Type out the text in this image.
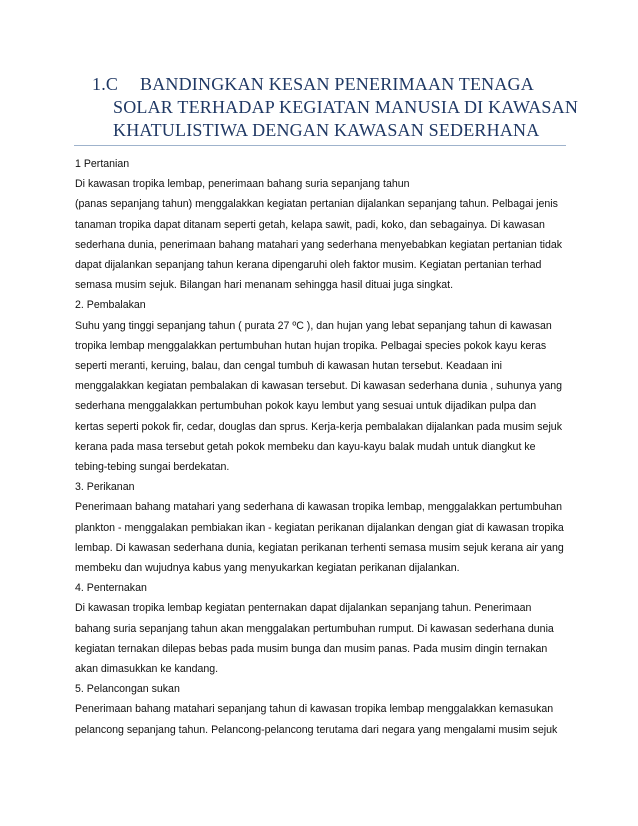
1.C BANDINGKAN KESAN PENERIMAAN TENAGA
SOLAR TERHADAP KEGIATAN MANUSIA DI KAWASAN
KHATULISTIWA DENGAN KAWASAN SEDERHANA

1 Pertanian

Di kawasan tropika lembap, penerimaan bahang suria sepanjang tahun

(panas sepanjang tahun) menggalakkan kegiatan pertanian dijalankan sepanjang tahun. Pelbagai jenis
tanaman tropika dapat ditanam seperti getah, kelapa sawit, padi, koko, dan sebagainya. Di kawasan
sederhana dunia, penerimaan bahang matahari yang sederhana menyebabkan kegiatan pertanian tidak
dapat dijalankan sepanjang tahun kerana dipengaruhi oleh faktor musim. Kegiatan pertanian terhad
semasa musim sejuk. Bilangan hari menanam sehingga hasil dituai juga singkat.

2. Pembalakan

Suhu yang tinggi sepanjang tahun ( purata 27 ºC ), dan hujan yang lebat sepanjang tahun di kawasan
tropika lembap menggalakkan pertumbuhan hutan hujan tropika. Pelbagai species pokok kayu keras
seperti meranti, keruing, balau, dan cengal tumbuh di kawasan hutan tersebut. Keadaan ini
menggalakkan kegiatan pembalakan di kawasan tersebut. Di kawasan sederhana dunia , suhunya yang
sederhana menggalakkan pertumbuhan pokok kayu lembut yang sesuai untuk dijadikan pulpa dan
kertas seperti pokok fir, cedar, douglas dan sprus. Kerja-kerja pembalakan dijalankan pada musim sejuk
kerana pada masa tersebut getah pokok membeku dan kayu-kayu balak mudah untuk diangkut ke
tebing-tebing sungai berdekatan.

3. Perikanan

Penerimaan bahang matahari yang sederhana di kawasan tropika lembap, menggalakkan pertumbuhan
plankton - menggalakan pembiakan ikan - kegiatan perikanan dijalankan dengan giat di kawasan tropika
lembap. Di kawasan sederhana dunia, kegiatan perikanan terhenti semasa musim sejuk kerana air yang
membeku dan wujudnya kabus yang menyukarkan kegiatan perikanan dijalankan.

4. Penternakan

Di kawasan tropika lembap kegiatan penternakan dapat dijalankan sepanjang tahun. Penerimaan
bahang suria sepanjang tahun akan menggalakan pertumbuhan rumput. Di kawasan sederhana dunia
kegiatan ternakan dilepas bebas pada musim bunga dan musim panas. Pada musim dingin ternakan
akan dimasukkan ke kandang.

5. Pelancongan sukan

Penerimaan bahang matahari sepanjang tahun di kawasan tropika lembap menggalakkan kemasukan
pelancong sepanjang tahun. Pelancong-pelancong terutama dari negara yang mengalami musim sejuk
